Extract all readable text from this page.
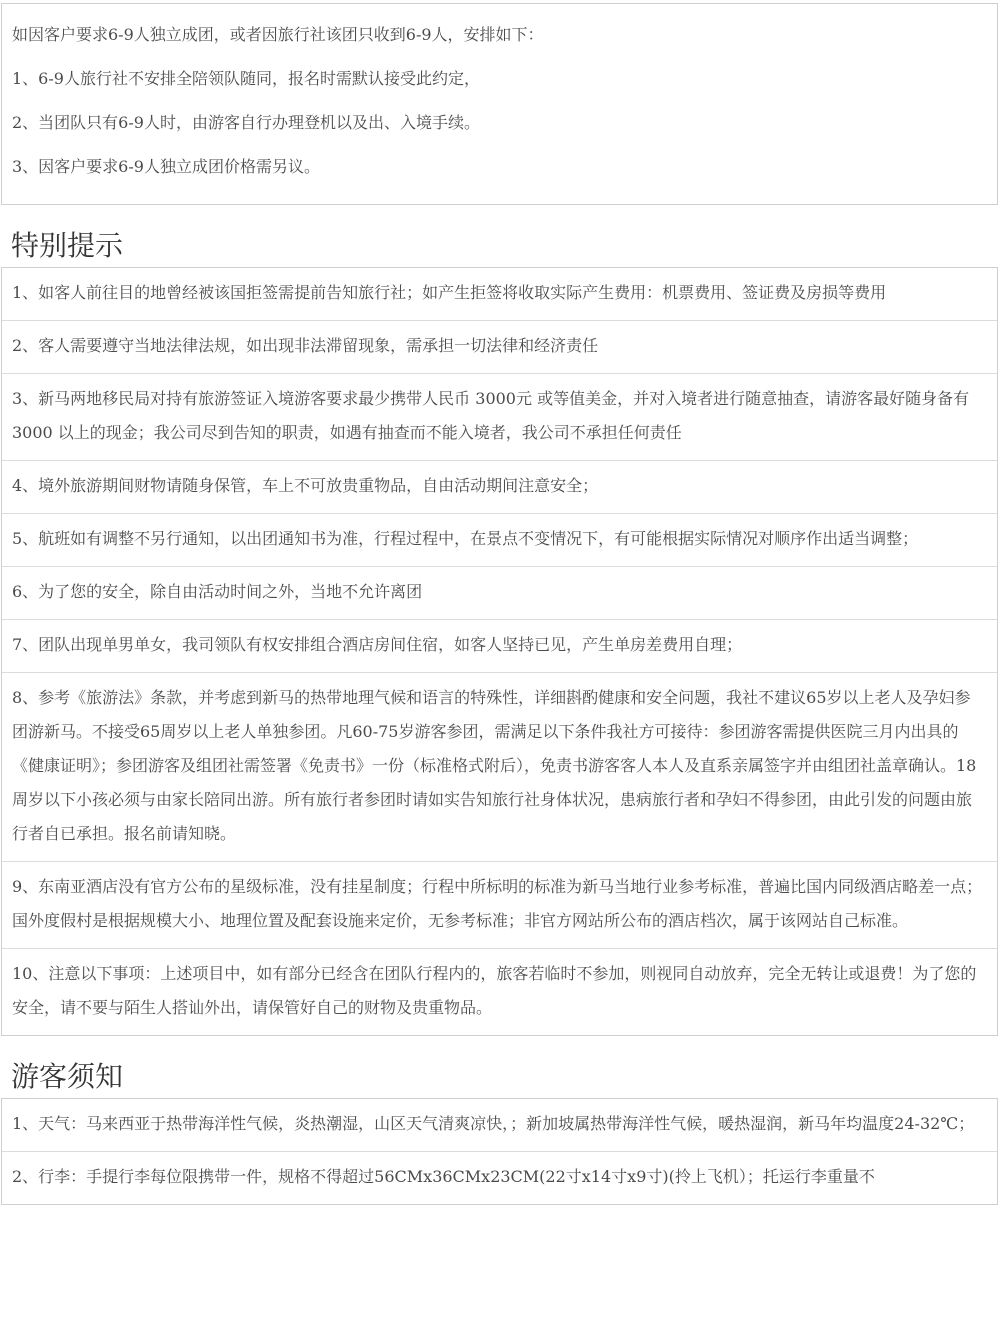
如因客户要求6-9人独立成团，或者因旅行社该团只收到6-9人，安排如下：
1、6-9人旅行社不安排全陪领队随同，报名时需默认接受此约定，
2、当团队只有6-9人时，由游客自行办理登机以及出、入境手续。
3、因客户要求6-9人独立成团价格需另议。
特别提示
1、如客人前往目的地曾经被该国拒签需提前告知旅行社；如产生拒签将收取实际产生费用：机票费用、签证费及房损等费用
2、客人需要遵守当地法律法规，如出现非法滞留现象，需承担一切法律和经济责任
3、新马两地移民局对持有旅游签证入境游客要求最少携带人民币 3000元 或等值美金，并对入境者进行随意抽查，请游客最好随身备有 3000 以上的现金；我公司尽到告知的职责，如遇有抽查而不能入境者，我公司不承担任何责任
4、境外旅游期间财物请随身保管，车上不可放贵重物品，自由活动期间注意安全；
5、航班如有调整不另行通知，以出团通知书为准，行程过程中，在景点不变情况下，有可能根据实际情况对顺序作出适当调整；
6、为了您的安全，除自由活动时间之外，当地不允许离团
7、团队出现单男单女，我司领队有权安排组合酒店房间住宿，如客人坚持已见，产生单房差费用自理；
8、参考《旅游法》条款，并考虑到新马的热带地理气候和语言的特殊性，详细斟酌健康和安全问题，我社不建议65岁以上老人及孕妇参团游新马。不接受65周岁以上老人单独参团。凡60-75岁游客参团，需满足以下条件我社方可接待：参团游客需提供医院三月内出具的《健康证明》；参团游客及组团社需签署《免责书》一份（标准格式附后），免责书游客客人本人及直系亲属签字并由组团社盖章确认。18周岁以下小孩必须与由家长陪同出游。所有旅行者参团时请如实告知旅行社身体状况，患病旅行者和孕妇不得参团，由此引发的问题由旅行者自已承担。报名前请知晓。
9、东南亚酒店没有官方公布的星级标准，没有挂星制度；行程中所标明的标准为新马当地行业参考标准，普遍比国内同级酒店略差一点；国外度假村是根据规模大小、地理位置及配套设施来定价，无参考标准；非官方网站所公布的酒店档次，属于该网站自己标准。
10、注意以下事项：上述项目中，如有部分已经含在团队行程内的，旅客若临时不参加，则视同自动放弃，完全无转让或退费！为了您的安全，请不要与陌生人搭讪外出，请保管好自己的财物及贵重物品。
游客须知
1、天气：马来西亚于热带海洋性气候，炎热潮湿，山区天气清爽凉快，；新加坡属热带海洋性气候，暖热湿润，新马年均温度24-32℃；
2、行李：手提行李每位限携带一件，规格不得超过56CMx36CMx23CM(22寸x14寸x9寸)(拎上飞机）；托运行李重量不
